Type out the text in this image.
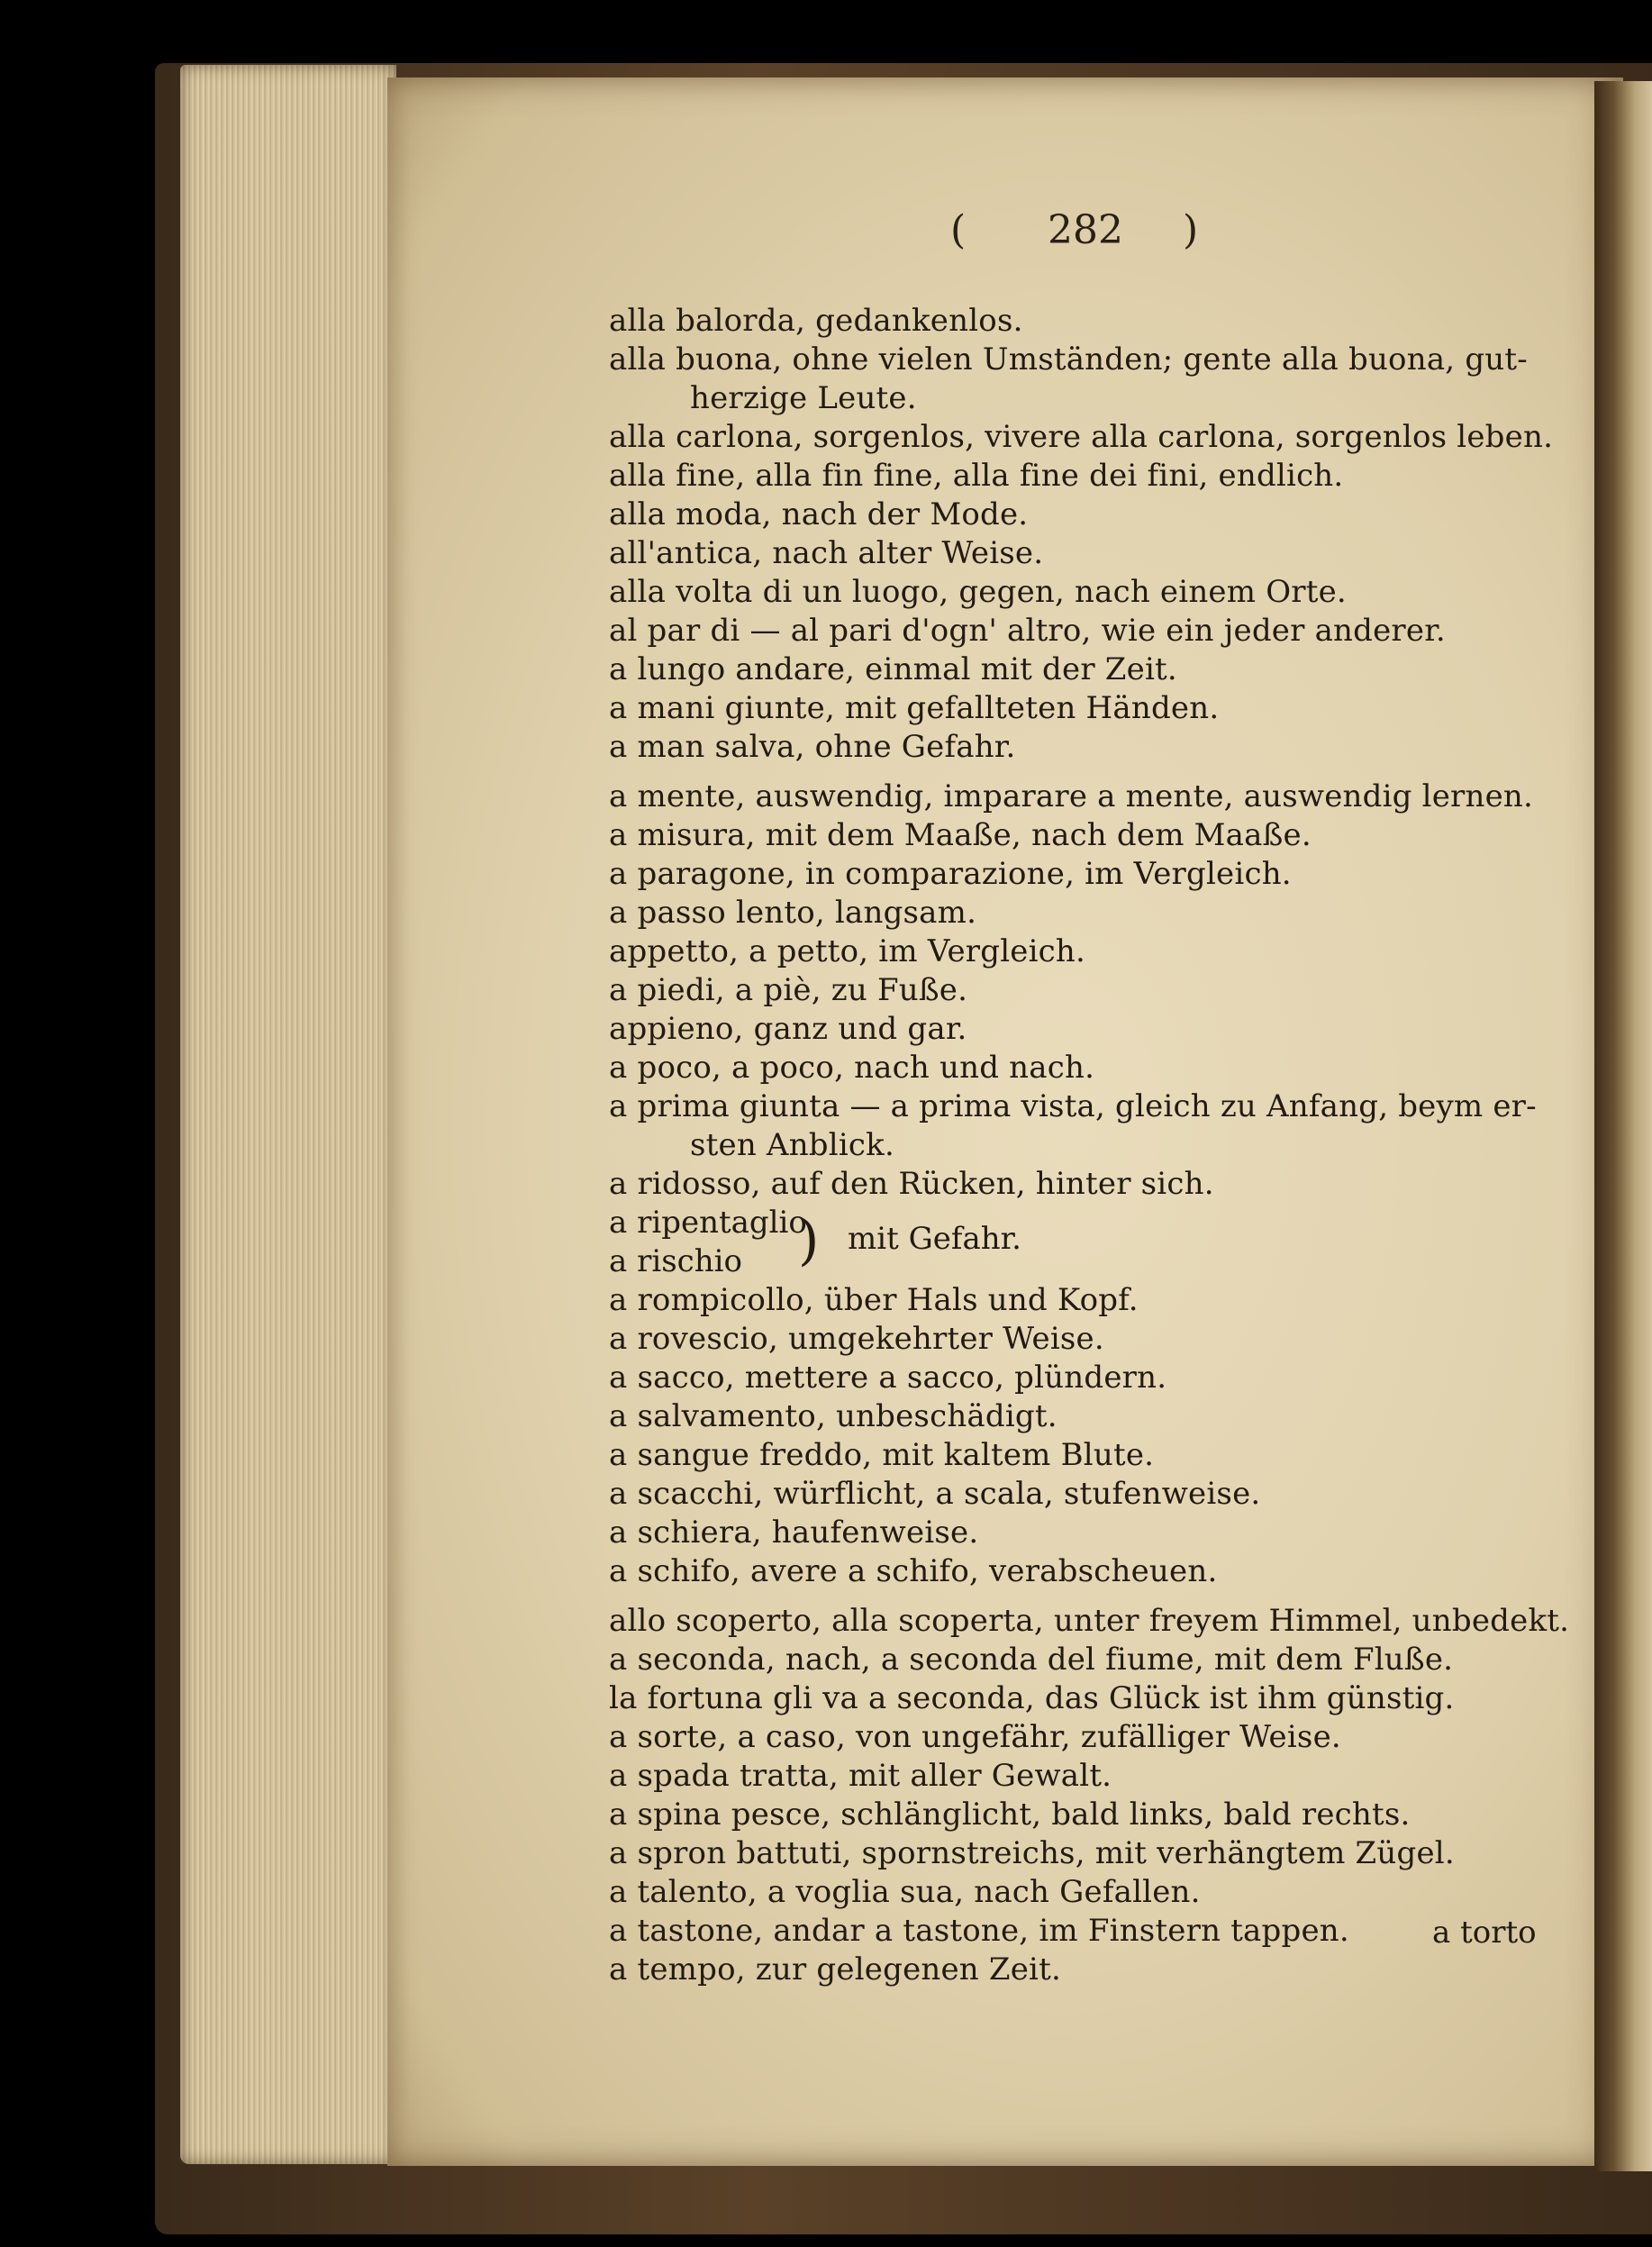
( 282 )
alla balorda, gedankenlos.
alla buona, ohne vielen Umständen; gente alla buona, gut-
herzige Leute.
alla carlona, sorgenlos, vivere alla carlona, sorgenlos leben.
alla fine, alla fin fine, alla fine dei fini, endlich.
alla moda, nach der Mode.
all'antica, nach alter Weise.
alla volta di un luogo, gegen, nach einem Orte.
al par di — al pari d'ogn' altro, wie ein jeder anderer.
a lungo andare, einmal mit der Zeit.
a mani giunte, mit gefallteten Händen.
a man salva, ohne Gefahr.
a mente, auswendig, imparare a mente, auswendig lernen.
a misura, mit dem Maaße, nach dem Maaße.
a paragone, in comparazione, im Vergleich.
a passo lento, langsam.
appetto, a petto, im Vergleich.
a piedi, a piè, zu Fuße.
appieno, ganz und gar.
a poco, a poco, nach und nach.
a prima giunta — a prima vista, gleich zu Anfang, beym er-
sten Anblick.
a ridosso, auf den Rücken, hinter sich.
a ripentaglio
a rischio ) mit Gefahr.
a rompicollo, über Hals und Kopf.
a rovescio, umgekehrter Weise.
a sacco, mettere a sacco, plündern.
a salvamento, unbeschädigt.
a sangue freddo, mit kaltem Blute.
a scacchi, würflicht, a scala, stufenweise.
a schiera, haufenweise.
a schifo, avere a schifo, verabscheuen.
allo scoperto, alla scoperta, unter freyem Himmel, unbedekt.
a seconda, nach, a seconda del fiume, mit dem Fluße.
la fortuna gli va a seconda, das Glück ist ihm günstig.
a sorte, a caso, von ungefähr, zufälliger Weise.
a spada tratta, mit aller Gewalt.
a spina pesce, schlänglicht, bald links, bald rechts.
a spron battuti, spornstreichs, mit verhängtem Zügel.
a talento, a voglia sua, nach Gefallen.
a tastone, andar a tastone, im Finstern tappen.
a tempo, zur gelegenen Zeit.
a torto
